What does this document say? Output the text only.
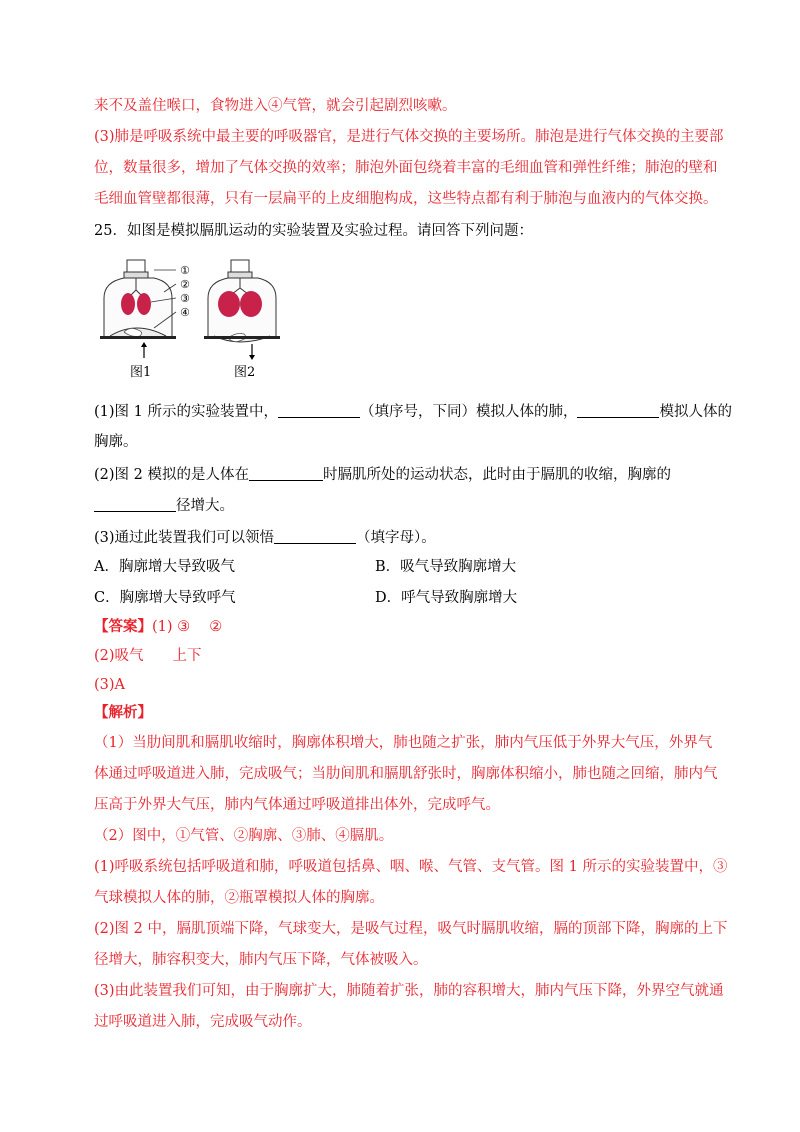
来不及盖住喉口，食物进入④气管，就会引起剧烈咳嗽。
(3)肺是呼吸系统中最主要的呼吸器官，是进行气体交换的主要场所。肺泡是进行气体交换的主要部
位，数量很多，增加了气体交换的效率；肺泡外面包绕着丰富的毛细血管和弹性纤维；肺泡的壁和
毛细血管壁都很薄，只有一层扁平的上皮细胞构成，这些特点都有利于肺泡与血液内的气体交换。
25．如图是模拟膈肌运动的实验装置及实验过程。请回答下列问题：
①
②
③
④
图1	图2
(1)图 1 所示的实验装置中，	（填序号，下同）模拟人体的肺，	模拟人体的
胸廓。
(2)图 2 模拟的是人体在	时膈肌所处的运动状态，此时由于膈肌的收缩，胸廓的
径增大。
(3)通过此装置我们可以领悟	（填字母）。
A．胸廓增大导致吸气	B．吸气导致胸廓增大
C．胸廓增大导致呼气	D．呼气导致胸廓增大
【答案】(1) ③　 ②
(2)吸气　　上下
(3)A
【解析】
（1）当肋间肌和膈肌收缩时，胸廓体积增大，肺也随之扩张，肺内气压低于外界大气压，外界气
体通过呼吸道进入肺，完成吸气；当肋间肌和膈肌舒张时，胸廓体积缩小，肺也随之回缩，肺内气
压高于外界大气压，肺内气体通过呼吸道排出体外，完成呼气。
（2）图中，①气管、②胸廓、③肺、④膈肌。
(1)呼吸系统包括呼吸道和肺，呼吸道包括鼻、咽、喉、气管、支气管。图 1 所示的实验装置中，③
气球模拟人体的肺，②瓶罩模拟人体的胸廓。
(2)图 2 中，膈肌顶端下降，气球变大，是吸气过程，吸气时膈肌收缩，膈的顶部下降，胸廓的上下
径增大，肺容积变大，肺内气压下降，气体被吸入。
(3)由此装置我们可知，由于胸廓扩大，肺随着扩张，肺的容积增大，肺内气压下降，外界空气就通
过呼吸道进入肺，完成吸气动作。
